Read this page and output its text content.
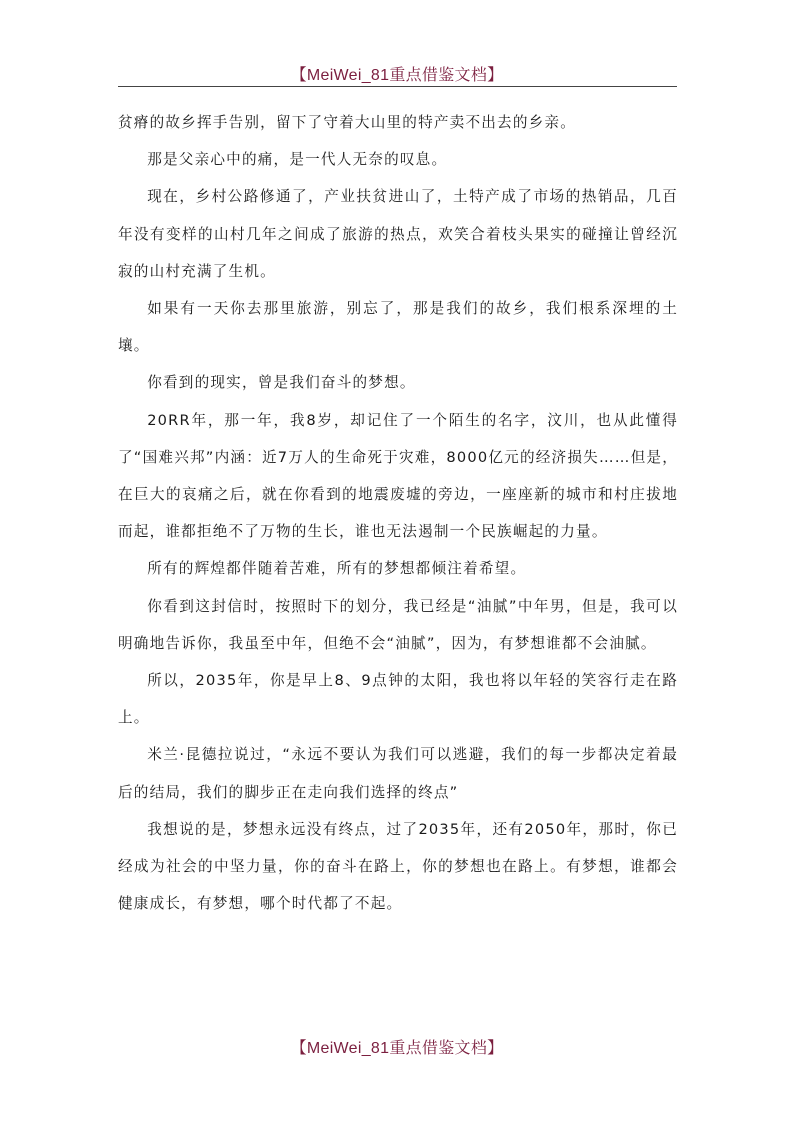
【MeiWei_81重点借鉴文档】

贫瘠的故乡挥手告别，留下了守着大山里的特产卖不出去的乡亲。

那是父亲心中的痛，是一代人无奈的叹息。

现在，乡村公路修通了，产业扶贫进山了，土特产成了市场的热销品，几百年没有变样的山村几年之间成了旅游的热点，欢笑合着枝头果实的碰撞让曾经沉寂的山村充满了生机。

如果有一天你去那里旅游，别忘了，那是我们的故乡，我们根系深埋的土壤。

你看到的现实，曾是我们奋斗的梦想。

20RR年，那一年，我8岁，却记住了一个陌生的名字，汶川，也从此懂得了“国难兴邦”内涵：近7万人的生命死于灾难，8000亿元的经济损失……但是，在巨大的哀痛之后，就在你看到的地震废墟的旁边，一座座新的城市和村庄拔地而起，谁都拒绝不了万物的生长，谁也无法遏制一个民族崛起的力量。

所有的辉煌都伴随着苦难，所有的梦想都倾注着希望。

你看到这封信时，按照时下的划分，我已经是“油腻”中年男，但是，我可以明确地告诉你，我虽至中年，但绝不会“油腻”，因为，有梦想谁都不会油腻。

所以，2035年，你是早上8、9点钟的太阳，我也将以年轻的笑容行走在路上。

米兰·昆德拉说过，“永远不要认为我们可以逃避，我们的每一步都决定着最后的结局，我们的脚步正在走向我们选择的终点”

我想说的是，梦想永远没有终点，过了2035年，还有2050年，那时，你已经成为社会的中坚力量，你的奋斗在路上，你的梦想也在路上。有梦想，谁都会健康成长，有梦想，哪个时代都了不起。

【MeiWei_81重点借鉴文档】
